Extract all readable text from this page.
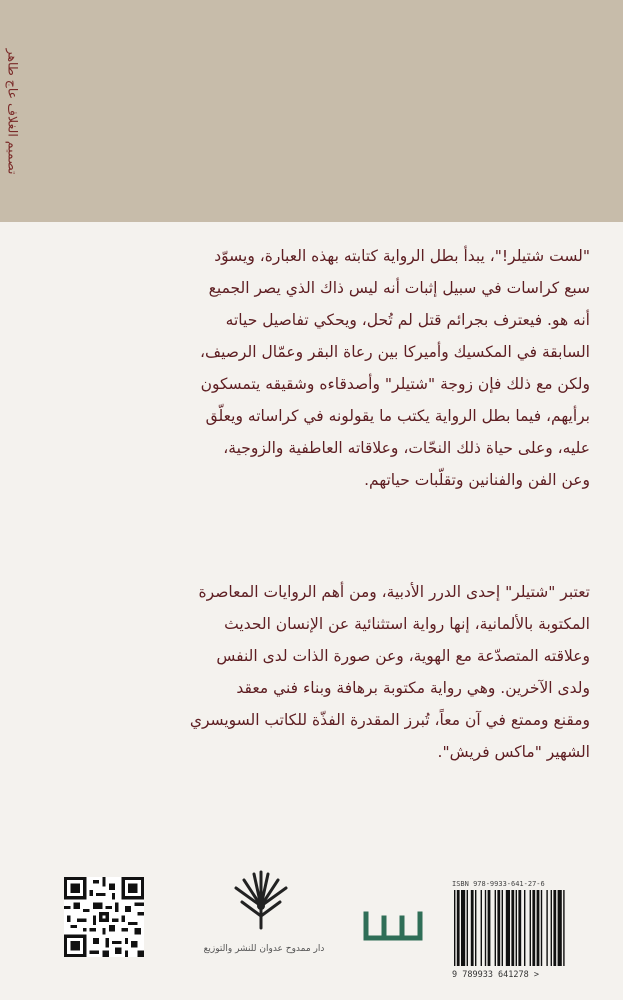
تصميم الغلاف عاج طاهر
"لست شتيلر!"، يبدأ بطل الرواية كتابته بهذه العبارة، ويسوّد
سبع كراسات في سبيل إثبات أنه ليس ذاك الذي يصر الجميع
أنه هو. فيعترف بجرائم قتل لم تُحل، ويحكي تفاصيل حياته
السابقة في المكسيك وأميركا بين رعاة البقر وعمّال الرصيف،
ولكن مع ذلك فإن زوجة "شتيلر" وأصدقاءه وشقيقه يتمسكون
برأيهم، فيما بطل الرواية يكتب ما يقولونه في كراساته ويعلّق
عليه، وعلى حياة ذلك النحّات، وعلاقاته العاطفية والزوجية،
وعن الفن والفنانين وتقلّبات حياتهم.
تعتبر "شتيلر" إحدى الدرر الأدبية، ومن أهم الروايات المعاصرة
المكتوبة بالألمانية، إنها رواية استثنائية عن الإنسان الحديث
وعلاقته المتصدّعة مع الهوية، وعن صورة الذات لدى النفس
ولدى الآخرين. وهي رواية مكتوبة برهافة وبناء فني معقد
ومقنع وممتع في آن معاً، تُبرز المقدرة الفذّة للكاتب السويسري
الشهير "ماكس فريش".
دار ممدوح عدوان للنشر والتوزيع
ISBN 978-9933-641-27-6
9 789933 641278 >
